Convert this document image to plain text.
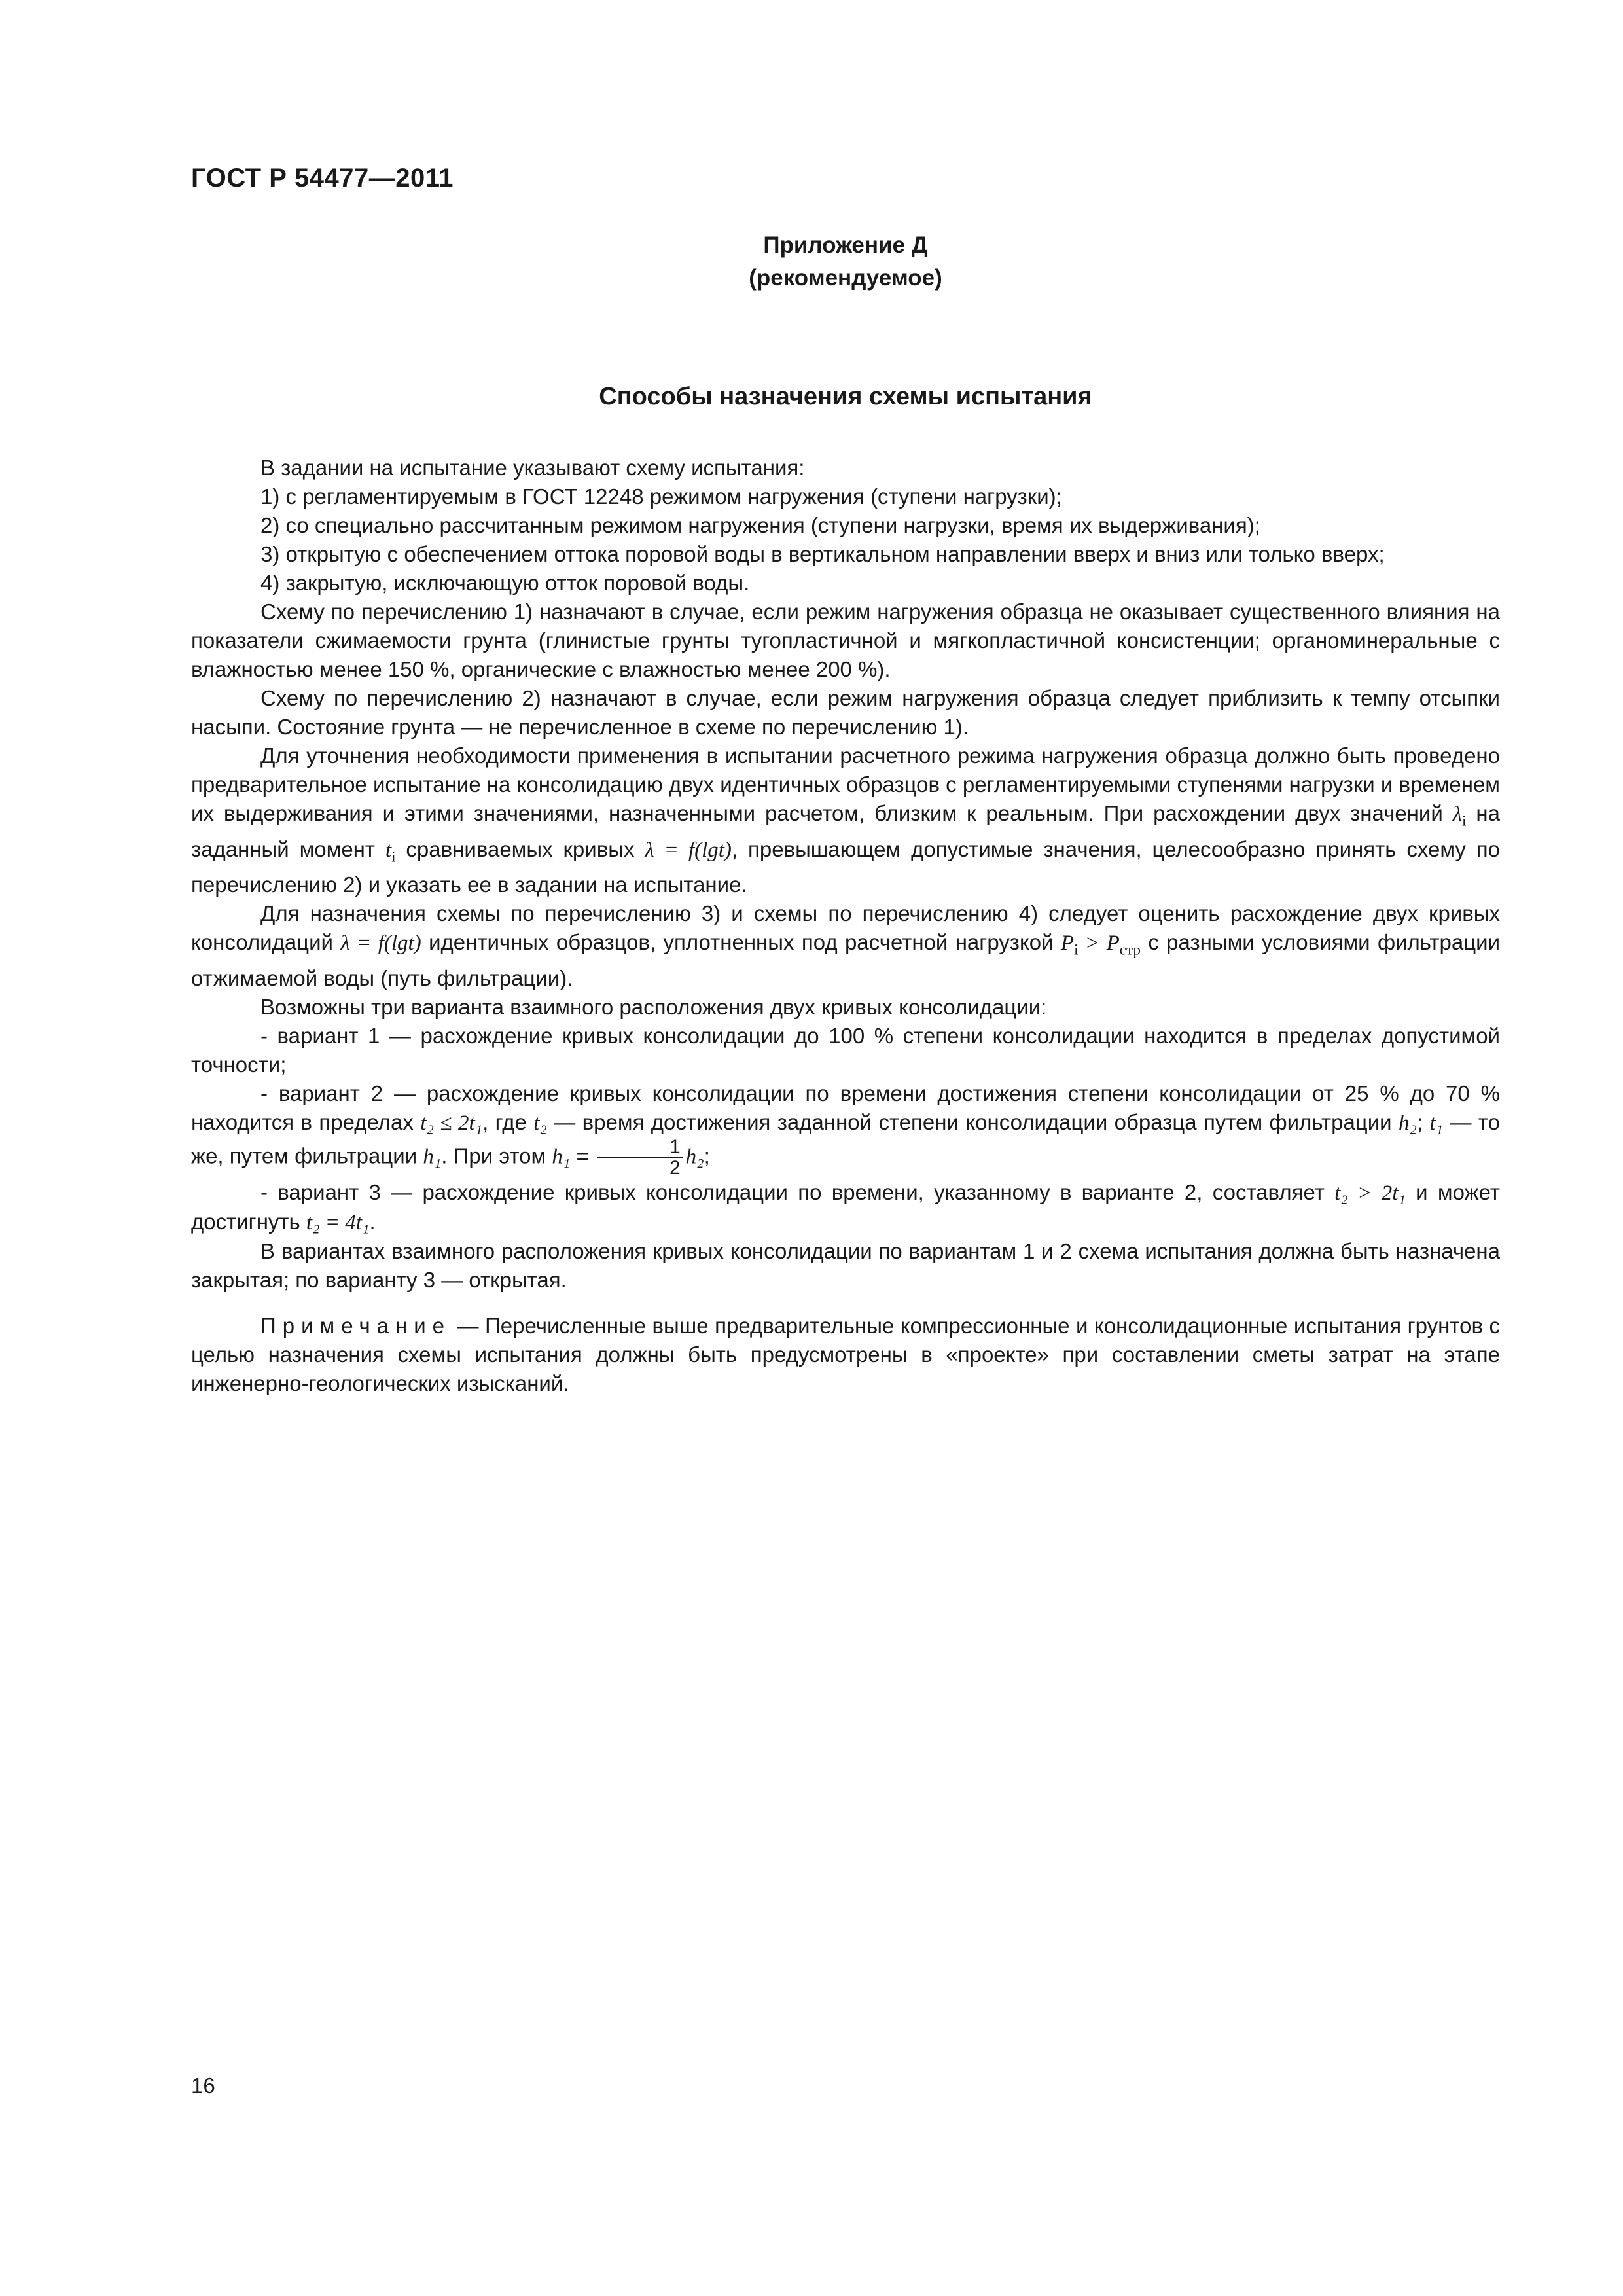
ГОСТ Р 54477—2011
Приложение Д
(рекомендуемое)
Способы назначения схемы испытания

В задании на испытание указывают схему испытания:

1) с регламентируемым в ГОСТ 12248 режимом нагружения (ступени нагрузки);

2) со специально рассчитанным режимом нагружения (ступени нагрузки, время их выдерживания);

3) открытую с обеспечением оттока поровой воды в вертикальном направлении вверх и вниз или только вверх;

4) закрытую, исключающую отток поровой воды.

Схему по перечислению 1) назначают в случае, если режим нагружения образца не оказывает существенного влияния на показатели сжимаемости грунта (глинистые грунты тугопластичной и мягкопластичной консистенции; органоминеральные с влажностью менее 150 %, органические с влажностью менее 200 %).

Схему по перечислению 2) назначают в случае, если режим нагружения образца следует приблизить к темпу отсыпки насыпи. Состояние грунта — не перечисленное в схеме по перечислению 1).

Для уточнения необходимости применения в испытании расчетного режима нагружения образца должно быть проведено предварительное испытание на консолидацию двух идентичных образцов с регламентируемыми ступенями нагрузки и временем их выдерживания и этими значениями, назначенными расчетом, близким к реальным. При расхождении двух значений $\lambda_i$ на заданный момент $t_i$ сравниваемых кривых λ = f(lgt), превышающем допустимые значения, целесообразно принять схему по перечислению 2) и указать ее в задании на испытание.

Для назначения схемы по перечислению 3) и схемы по перечислению 4) следует оценить расхождение двух кривых консолидаций λ = f(lgt) идентичных образцов, уплотненных под расчетной нагрузкой $P_i > P_{стр}$ с разными условиями фильтрации отжимаемой воды (путь фильтрации).

Возможны три варианта взаимного расположения двух кривых консолидации:

- вариант 1 — расхождение кривых консолидации до 100 % степени консолидации находится в пределах допустимой точности;

- вариант 2 — расхождение кривых консолидации по времени достижения степени консолидации от 25 % до 70 % находится в пределах t₂ ≤ 2t₁, где t₂ — время достижения заданной степени консолидации образца путем фильтрации h₂; t₁ — то же, путем фильтрации h₁. При этом $h_1 = \frac{1}{2} h_2$;

- вариант 3 — расхождение кривых консолидации по времени, указанному в варианте 2, составляет t₂ > 2t₁ и может достигнуть t₂ = 4t₁.

В вариантах взаимного расположения кривых консолидации по вариантам 1 и 2 схема испытания должна быть назначена закрытая; по варианту 3 — открытая.

Примечание — Перечисленные выше предварительные компрессионные и консолидационные испытания грунтов с целью назначения схемы испытания должны быть предусмотрены в «проекте» при составлении сметы затрат на этапе инженерно-геологических изысканий.

16
